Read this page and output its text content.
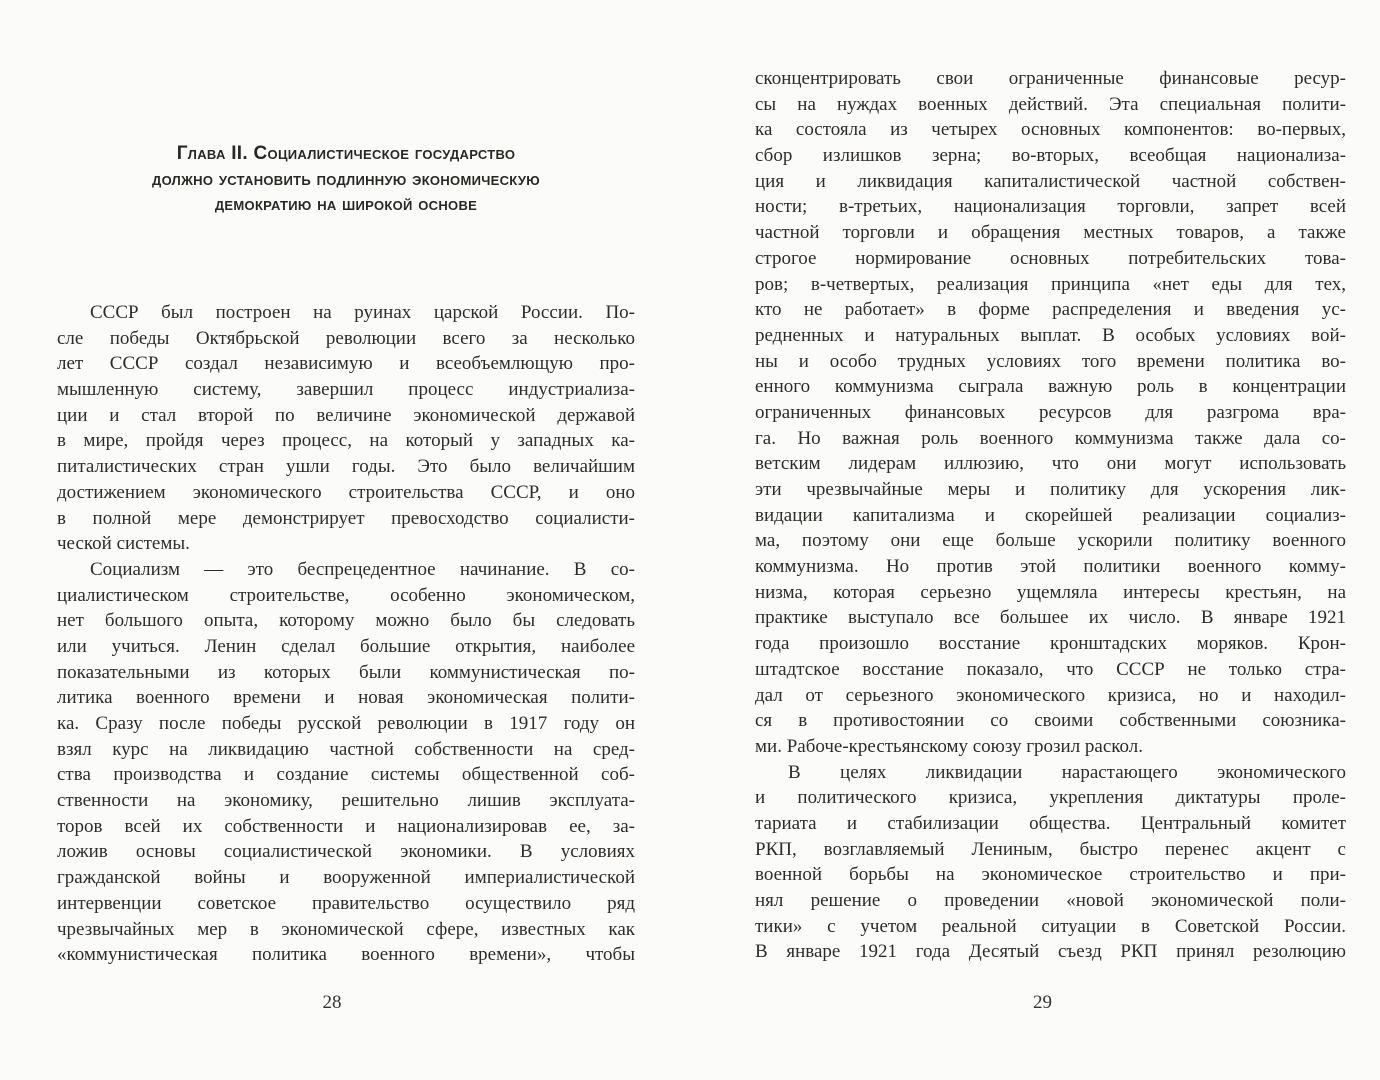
Глава II. Социалистическое государство
должно установить подлинную экономическую
демократию на широкой основе
СССР был построен на руинах царской России. По-
сле победы Октябрьской революции всего за несколько
лет СССР создал независимую и всеобъемлющую про-
мышленную систему, завершил процесс индустриализа-
ции и стал второй по величине экономической державой
в мире, пройдя через процесс, на который у западных ка-
питалистических стран ушли годы. Это было величайшим
достижением экономического строительства СССР, и оно
в полной мере демонстрирует превосходство социалисти-
ческой системы.
Социализм — это беспрецедентное начинание. В со-
циалистическом строительстве, особенно экономическом,
нет большого опыта, которому можно было бы следовать
или учиться. Ленин сделал большие открытия, наиболее
показательными из которых были коммунистическая по-
литика военного времени и новая экономическая полити-
ка. Сразу после победы русской революции в 1917 году он
взял курс на ликвидацию частной собственности на сред-
ства производства и создание системы общественной соб-
ственности на экономику, решительно лишив эксплуата-
торов всей их собственности и национализировав ее, за-
ложив основы социалистической экономики. В условиях
гражданской войны и вооруженной империалистической
интервенции советское правительство осуществило ряд
чрезвычайных мер в экономической сфере, известных как
«коммунистическая политика военного времени», чтобы
28
сконцентрировать свои ограниченные финансовые ресур-
сы на нуждах военных действий. Эта специальная полити-
ка состояла из четырех основных компонентов: во-первых,
сбор излишков зерна; во-вторых, всеобщая национализа-
ция и ликвидация капиталистической частной собствен-
ности; в-третьих, национализация торговли, запрет всей
частной торговли и обращения местных товаров, а также
строгое нормирование основных потребительских това-
ров; в-четвертых, реализация принципа «нет еды для тех,
кто не работает» в форме распределения и введения ус-
редненных и натуральных выплат. В особых условиях вой-
ны и особо трудных условиях того времени политика во-
енного коммунизма сыграла важную роль в концентрации
ограниченных финансовых ресурсов для разгрома вра-
га. Но важная роль военного коммунизма также дала со-
ветским лидерам иллюзию, что они могут использовать
эти чрезвычайные меры и политику для ускорения лик-
видации капитализма и скорейшей реализации социализ-
ма, поэтому они еще больше ускорили политику военного
коммунизма. Но против этой политики военного комму-
низма, которая серьезно ущемляла интересы крестьян, на
практике выступало все большее их число. В январе 1921
года произошло восстание кронштадских моряков. Крон-
штадтское восстание показало, что СССР не только стра-
дал от серьезного экономического кризиса, но и находил-
ся в противостоянии со своими собственными союзника-
ми. Рабоче-крестьянскому союзу грозил раскол.
В целях ликвидации нарастающего экономического
и политического кризиса, укрепления диктатуры проле-
тариата и стабилизации общества. Центральный комитет
РКП, возглавляемый Лениным, быстро перенес акцент с
военной борьбы на экономическое строительство и при-
нял решение о проведении «новой экономической поли-
тики» с учетом реальной ситуации в Советской России.
В январе 1921 года Десятый съезд РКП принял резолюцию
29
